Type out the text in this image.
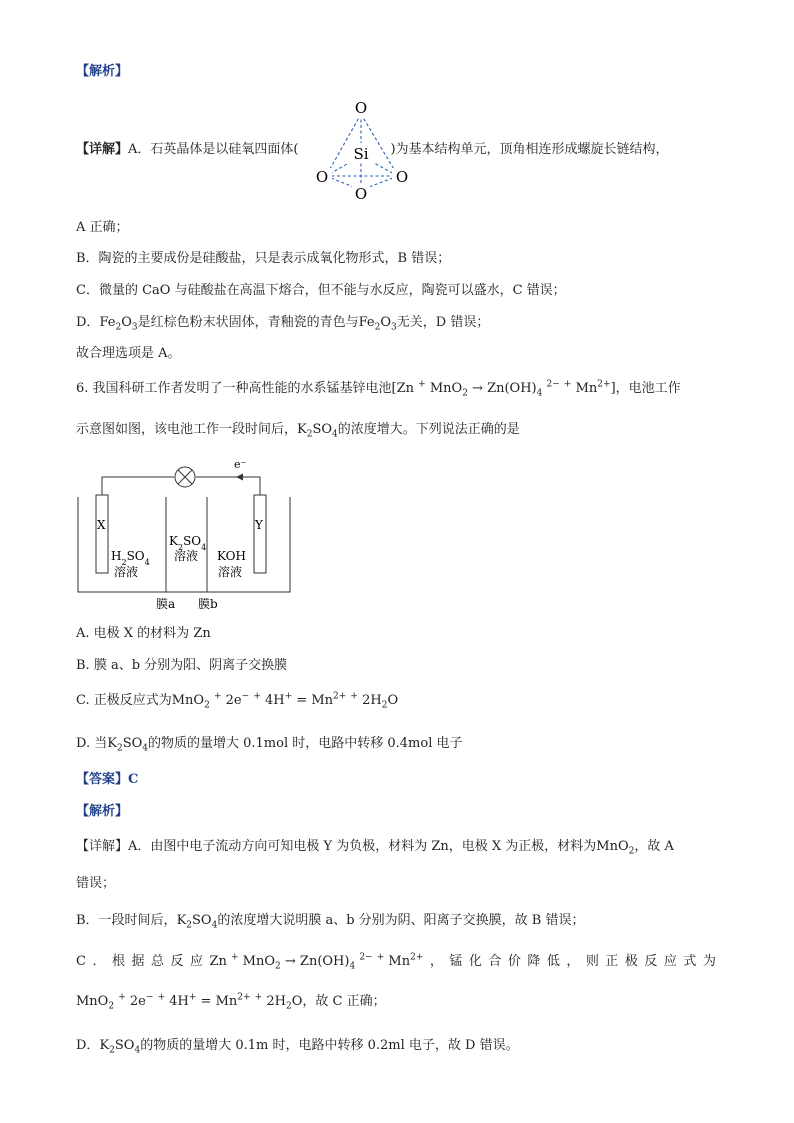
【解析】
【详解】A．石英晶体是以硅氧四面体(	)为基本结构单元，顶角相连形成螺旋长链结构，
O
Si
O	O
O
A 正确；
B．陶瓷的主要成份是硅酸盐，只是表示成氧化物形式，B 错误；
C．微量的 CaO 与硅酸盐在高温下熔合，但不能与水反应，陶瓷可以盛水，C 错误；
D．$Fe_2O_3$是红棕色粉末状固体，青釉瓷的青色与$Fe_2O_3$无关，D 错误；
故合理选项是 A。
6. 我国科研工作者发明了一种高性能的水系锰基锌电池[Zn + $MnO_2 \to Zn(OH)_4$ $^{2-}$ + $Mn^{2+}$]，电池工作
示意图如图，该电池工作一段时间后，$K_2SO_4$的浓度增大。下列说法正确的是
e⁻
X	Y
$H_2SO_4$
溶液
$K_2SO_4$
溶液 KOH
溶液
膜a 膜b
A. 电极 X 的材料为 Zn
B. 膜 a、b 分别为阳、阴离子交换膜
C. 正极反应式为MnO$_2$ + 2e− + $4H^+ = Mn^{2+}$ + $2H_2O$
D. 当$K_2SO_4$的物质的量增大 0.1mol 时，电路中转移 0.4mol 电子
【答案】C
【解析】
【详解】A．由图中电子流动方向可知电极 Y 为负极，材料为 Zn，电极 X 为正极，材料为MnO$_2$，故 A
错误；
B．一段时间后，$K_2SO_4$的浓度增大说明膜 a、b 分别为阴、阳离子交换膜，故 B 错误；
C ． 根 据 总 反 应 Zn + $MnO_2 \to Zn(OH)_4$ $^{2-}$ + $Mn^{2+}$ ， 锰 化 合 价 降 低 ， 则 正 极 反 应 式 为
MnO$_2$ + 2e− + $4H^+ = Mn^{2+}$ + $2H_2O$，故 C 正确；
D．$K_2SO_4$的物质的量增大 0.1m 时，电路中转移 0.2ml 电子，故 D 错误。
